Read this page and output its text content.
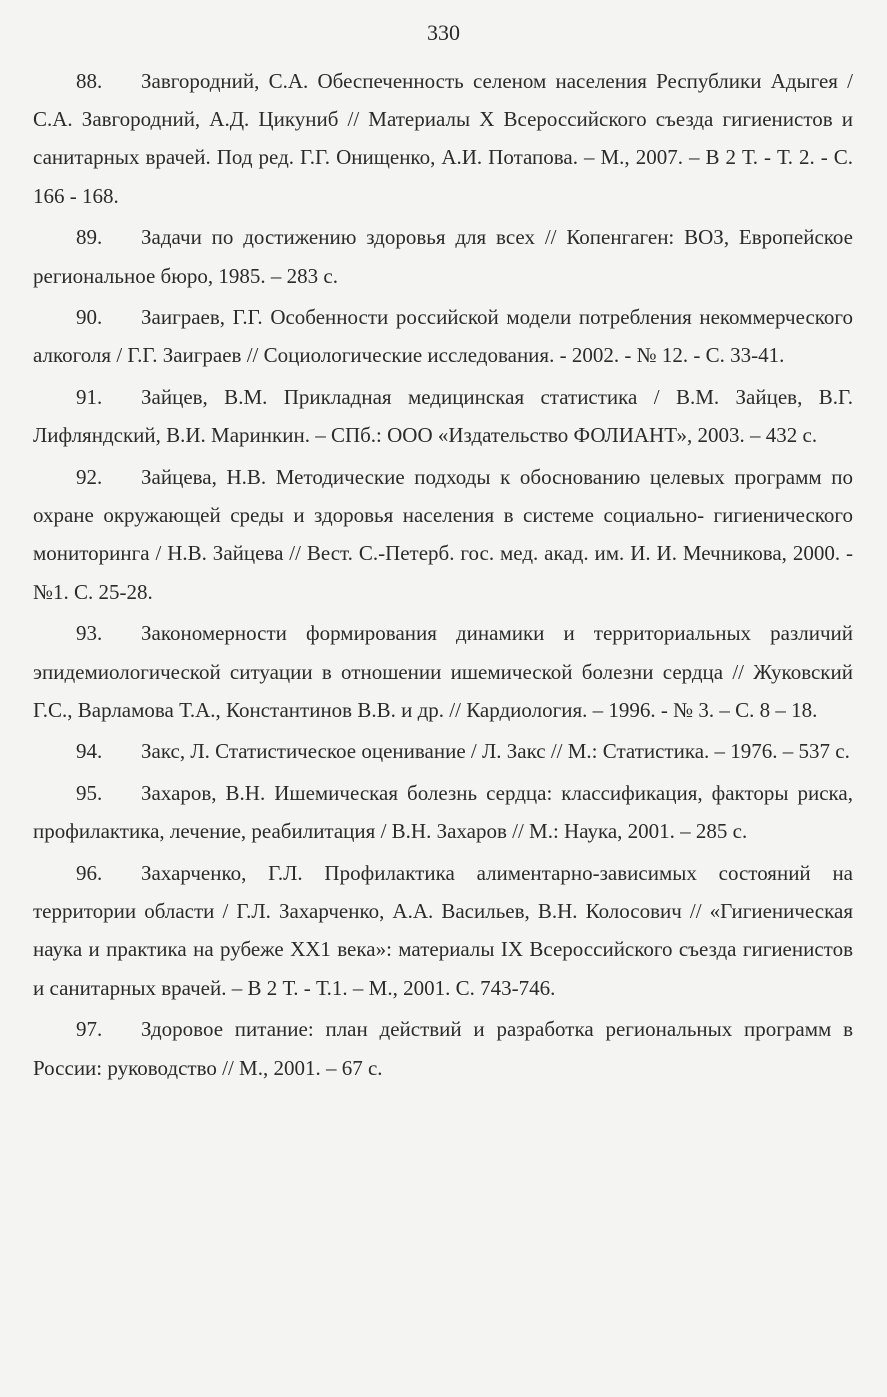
330

88. Завгородний, С.А. Обеспеченность селеном населения Республики Адыгея / С.А. Завгородний, А.Д. Цикуниб // Материалы X Всероссийского съезда гигиенистов и санитарных врачей. Под ред. Г.Г. Онищенко, А.И. Потапова. – М., 2007. – В 2 Т. - Т. 2. - С. 166 - 168.

89. Задачи по достижению здоровья для всех // Копенгаген: ВОЗ, Европейское региональное бюро, 1985. – 283 с.

90. Заиграев, Г.Г. Особенности российской модели потребления некоммерческого алкоголя / Г.Г. Заиграев // Социологические исследования. - 2002. - № 12. - С. 33-41.

91. Зайцев, В.М. Прикладная медицинская статистика / В.М. Зайцев, В.Г. Лифляндский, В.И. Маринкин. – СПб.: ООО «Издательство ФОЛИАНТ», 2003. – 432 с.

92. Зайцева, Н.В. Методические подходы к обоснованию целевых программ по охране окружающей среды и здоровья населения в системе социально- гигиенического мониторинга / Н.В. Зайцева // Вест. С.-Петерб. гос. мед. акад. им. И. И. Мечникова, 2000. - №1. С. 25-28.

93. Закономерности формирования динамики и территориальных различий эпидемиологической ситуации в отношении ишемической болезни сердца // Жуковский Г.С., Варламова Т.А., Константинов В.В. и др. // Кардиология. – 1996. - № 3. – С. 8 – 18.

94. Закс, Л. Статистическое оценивание / Л. Закс // М.: Статистика. – 1976. – 537 с.

95. Захаров, В.Н. Ишемическая болезнь сердца: классификация, факторы риска, профилактика, лечение, реабилитация / В.Н. Захаров // М.: Наука, 2001. – 285 с.

96. Захарченко, Г.Л. Профилактика алиментарно-зависимых состояний на территории области / Г.Л. Захарченко, А.А. Васильев, В.Н. Колосович // «Гигиеническая наука и практика на рубеже XX1 века»: материалы IX Всероссийского съезда гигиенистов и санитарных врачей. – В 2 Т. - Т.1. – М., 2001. С. 743-746.

97. Здоровое питание: план действий и разработка региональных программ в России: руководство // М., 2001. – 67 с.
